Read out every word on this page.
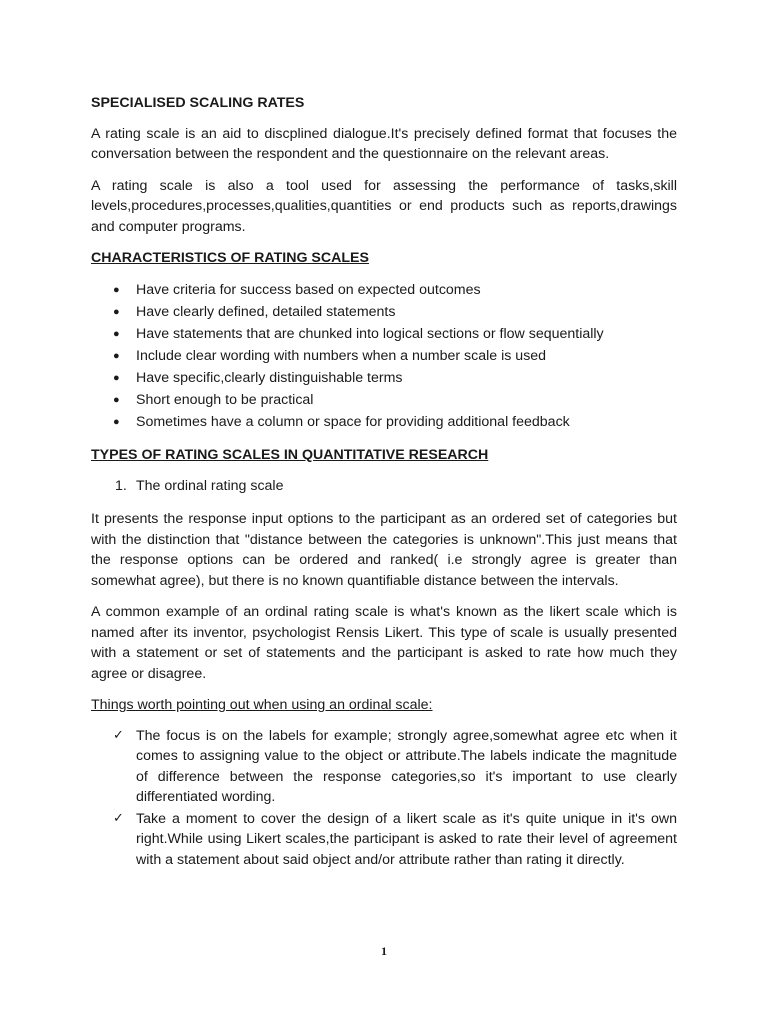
SPECIALISED SCALING RATES

A rating scale is an aid to discplined dialogue.It's precisely defined format that focuses the conversation between the respondent and the questionnaire on the relevant areas.

A rating scale is also a tool used for assessing the performance of tasks,skill levels,procedures,processes,qualities,quantities or end products such as reports,drawings and computer programs.

CHARACTERISTICS OF RATING SCALES
● Have criteria for success based on expected outcomes
● Have clearly defined, detailed statements
● Have statements that are chunked into logical sections or flow sequentially
● Include clear wording with numbers when a number scale is used
● Have specific,clearly distinguishable terms
● Short enough to be practical
● Sometimes have a column or space for providing additional feedback
TYPES OF RATING SCALES IN QUANTITATIVE RESEARCH
1. The ordinal rating scale

It presents the response input options to the participant as an ordered set of categories but with the distinction that "distance between the categories is unknown".This just means that the response options can be ordered and ranked( i.e strongly agree is greater than somewhat agree), but there is no known quantifiable distance between the intervals.

A common example of an ordinal rating scale is what's known as the likert scale which is named after its inventor, psychologist Rensis Likert. This type of scale is usually presented with a statement or set of statements and the participant is asked to rate how much they agree or disagree.

Things worth pointing out when using an ordinal scale:
✓ The focus is on the labels for example; strongly agree,somewhat agree etc when it comes to assigning value to the object or attribute.The labels indicate the magnitude of difference between the response categories,so it's important to use clearly differentiated wording.
✓ Take a moment to cover the design of a likert scale as it's quite unique in it's own right.While using Likert scales,the participant is asked to rate their level of agreement with a statement about said object and/or attribute rather than rating it directly.
1
